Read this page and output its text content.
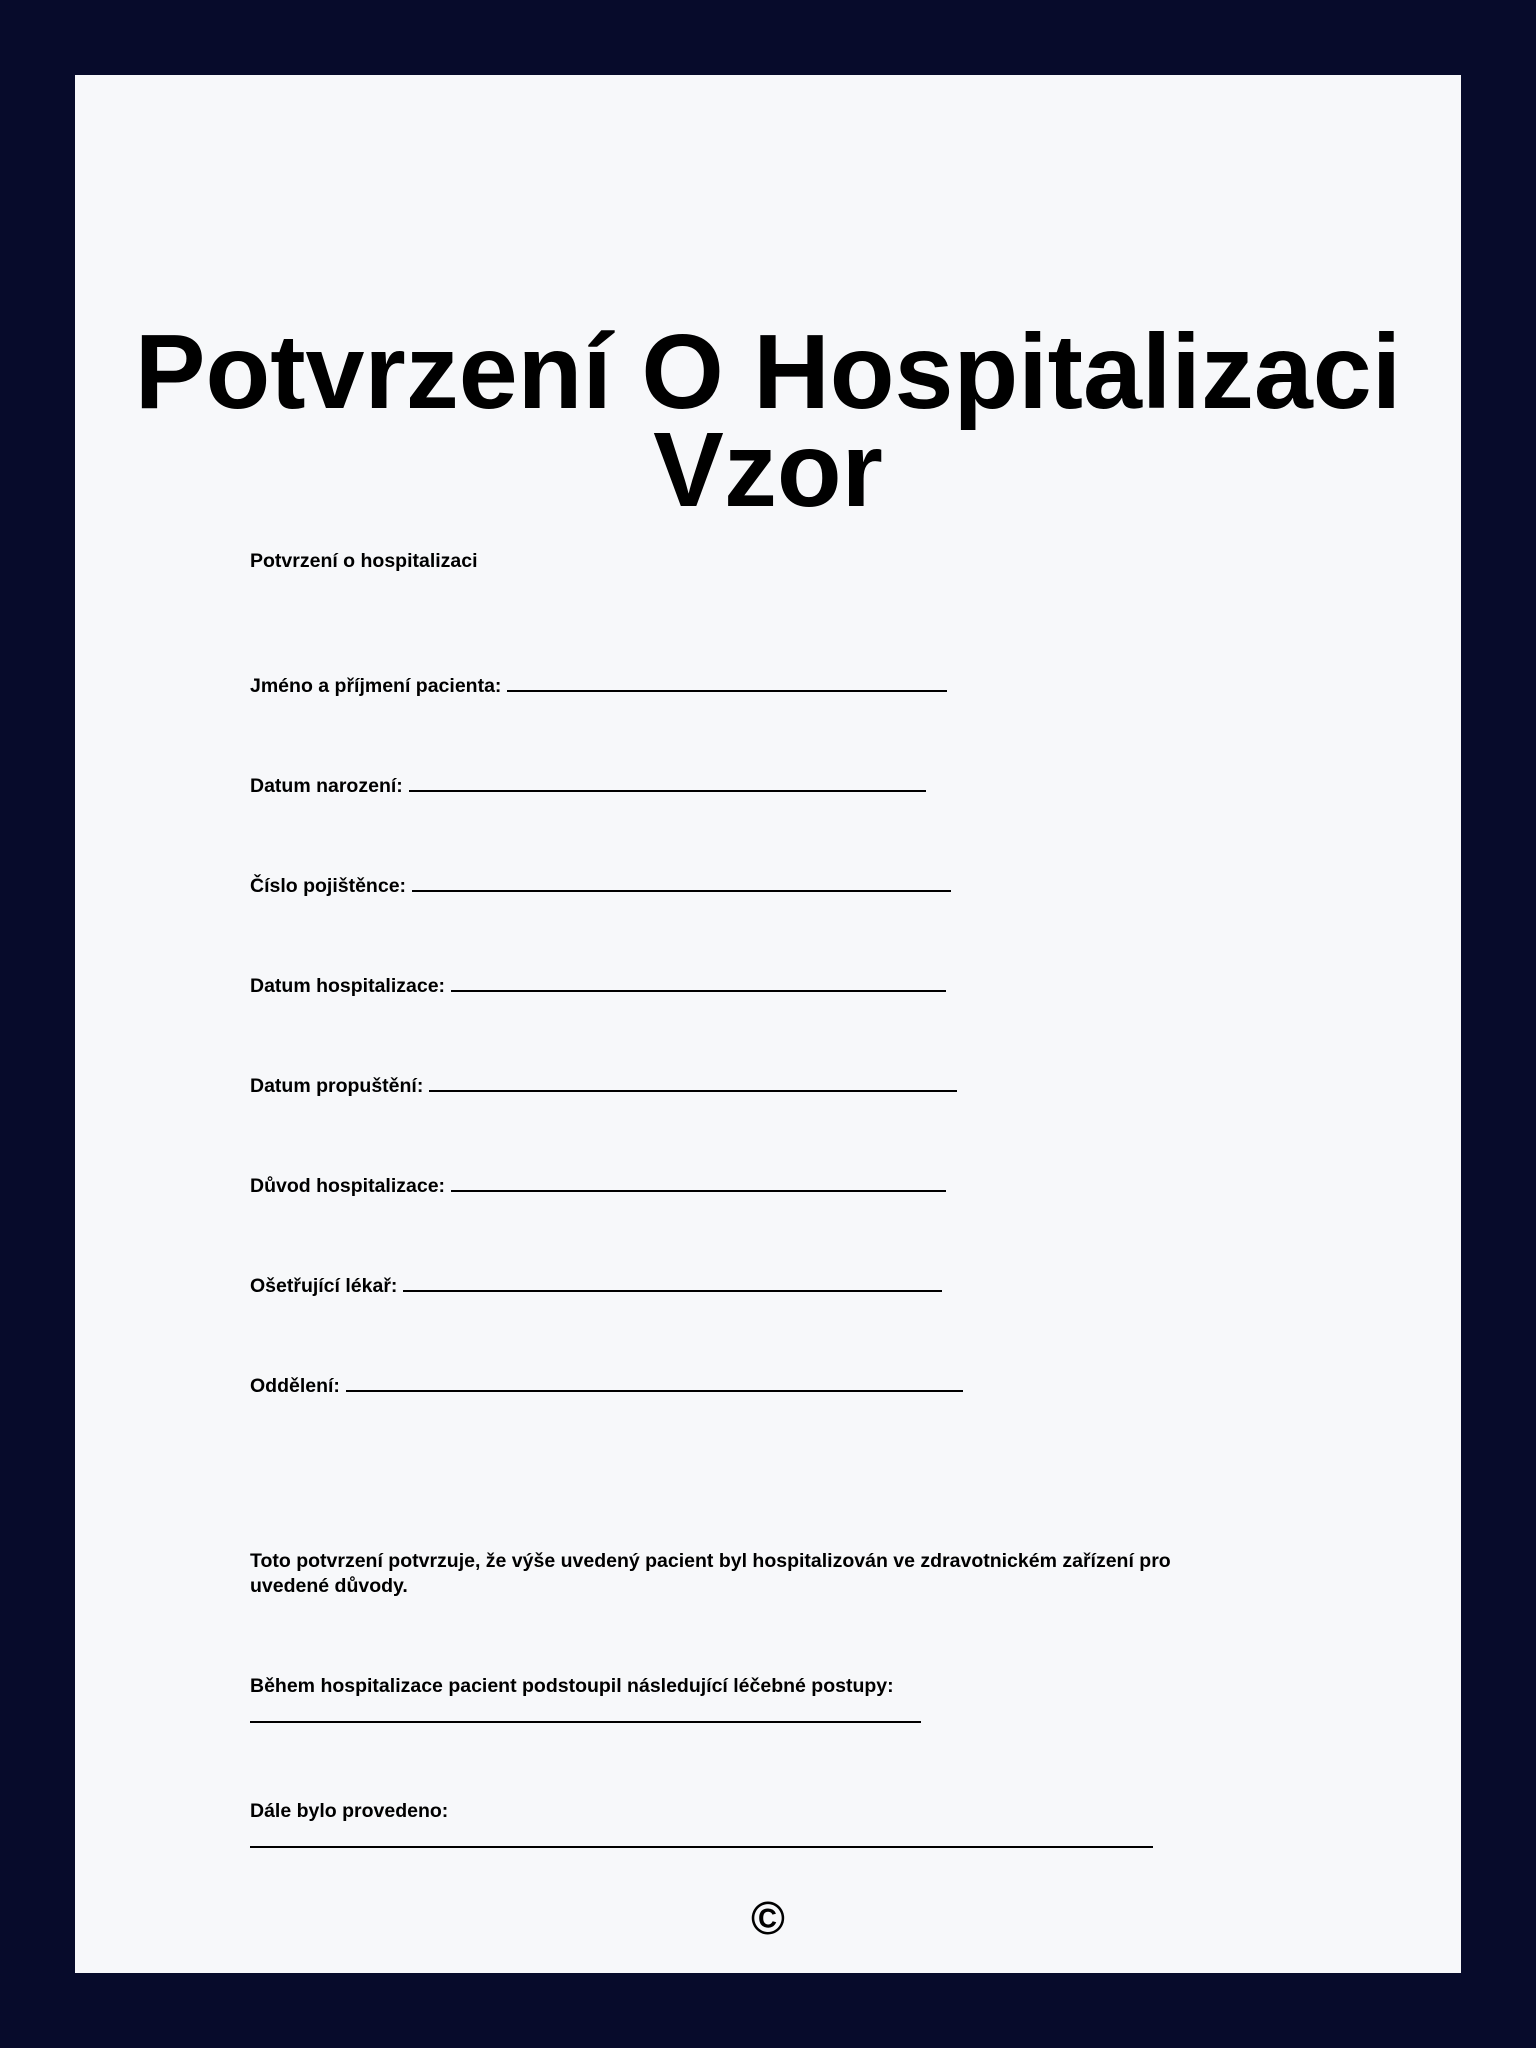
Potvrzení O Hospitalizaci
Vzor
Potvrzení o hospitalizaci
Jméno a příjmení pacienta:
Datum narození:
Číslo pojištěnce:
Datum hospitalizace:
Datum propuštění:
Důvod hospitalizace:
Ošetřující lékař:
Oddělení:
Toto potvrzení potvrzuje, že výše uvedený pacient byl hospitalizován ve zdravotnickém zařízení pro uvedené důvody.
Během hospitalizace pacient podstoupil následující léčebné postupy:
Dále bylo provedeno:
©
